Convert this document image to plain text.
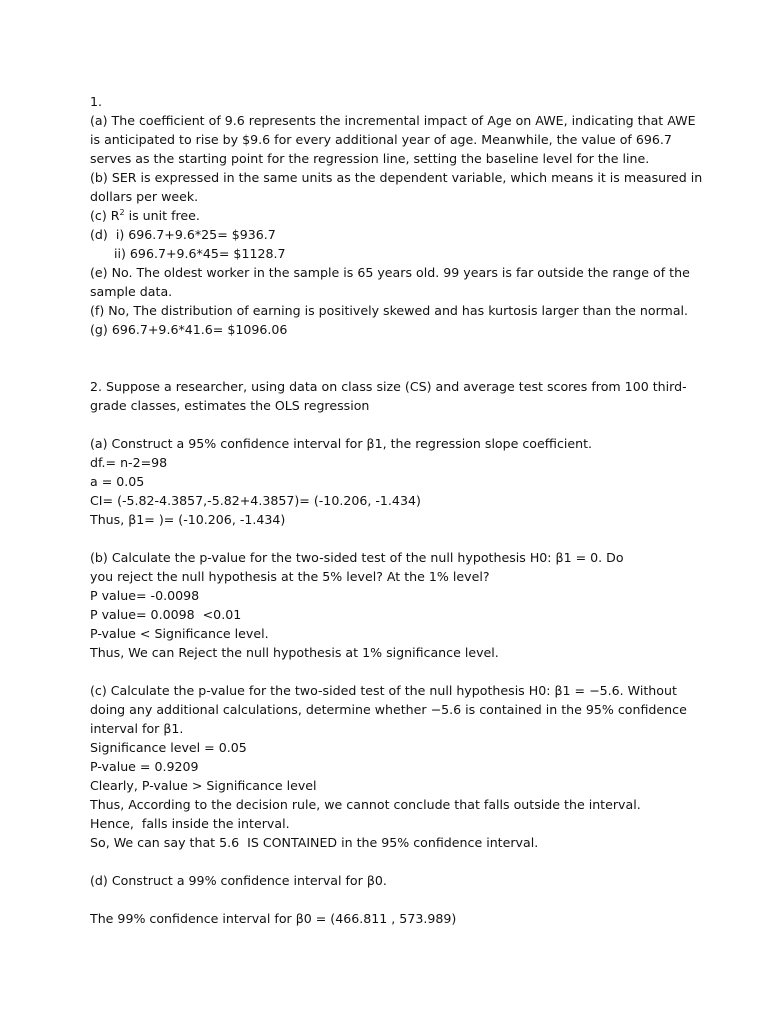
1.
(a) The coefficient of 9.6 represents the incremental impact of Age on AWE, indicating that AWE
is anticipated to rise by $9.6 for every additional year of age. Meanwhile, the value of 696.7
serves as the starting point for the regression line, setting the baseline level for the line.
(b) SER is expressed in the same units as the dependent variable, which means it is measured in
dollars per week.
(c) $R^2$ is unit free.
(d)  i) 696.7+9.6*25= $936.7
ii) 696.7+9.6*45= $1128.7
(e) No. The oldest worker in the sample is 65 years old. 99 years is far outside the range of the
sample data.
(f) No, The distribution of earning is positively skewed and has kurtosis larger than the normal.
(g) 696.7+9.6*41.6= $1096.06
2. Suppose a researcher, using data on class size (CS) and average test scores from 100 third-
grade classes, estimates the OLS regression
(a) Construct a 95% confidence interval for β1, the regression slope coefficient.
df.= n-2=98
a = 0.05
CI= (-5.82-4.3857,-5.82+4.3857)= (-10.206, -1.434)
Thus, β1= )= (-10.206, -1.434)
(b) Calculate the p-value for the two-sided test of the null hypothesis H0: β1 = 0. Do
you reject the null hypothesis at the 5% level? At the 1% level?
P value= -0.0098
P value= 0.0098  <0.01
P-value < Significance level.
Thus, We can Reject the null hypothesis at 1% significance level.
(c) Calculate the p-value for the two-sided test of the null hypothesis H0: β1 = −5.6. Without
doing any additional calculations, determine whether −5.6 is contained in the 95% confidence
interval for β1.
Significance level = 0.05
P-value = 0.9209
Clearly, P-value > Significance level
Thus, According to the decision rule, we cannot conclude that falls outside the interval.
Hence,  falls inside the interval.
So, We can say that 5.6  IS CONTAINED in the 95% confidence interval.
(d) Construct a 99% confidence interval for β0.
The 99% confidence interval for β0 = (466.811 , 573.989)
